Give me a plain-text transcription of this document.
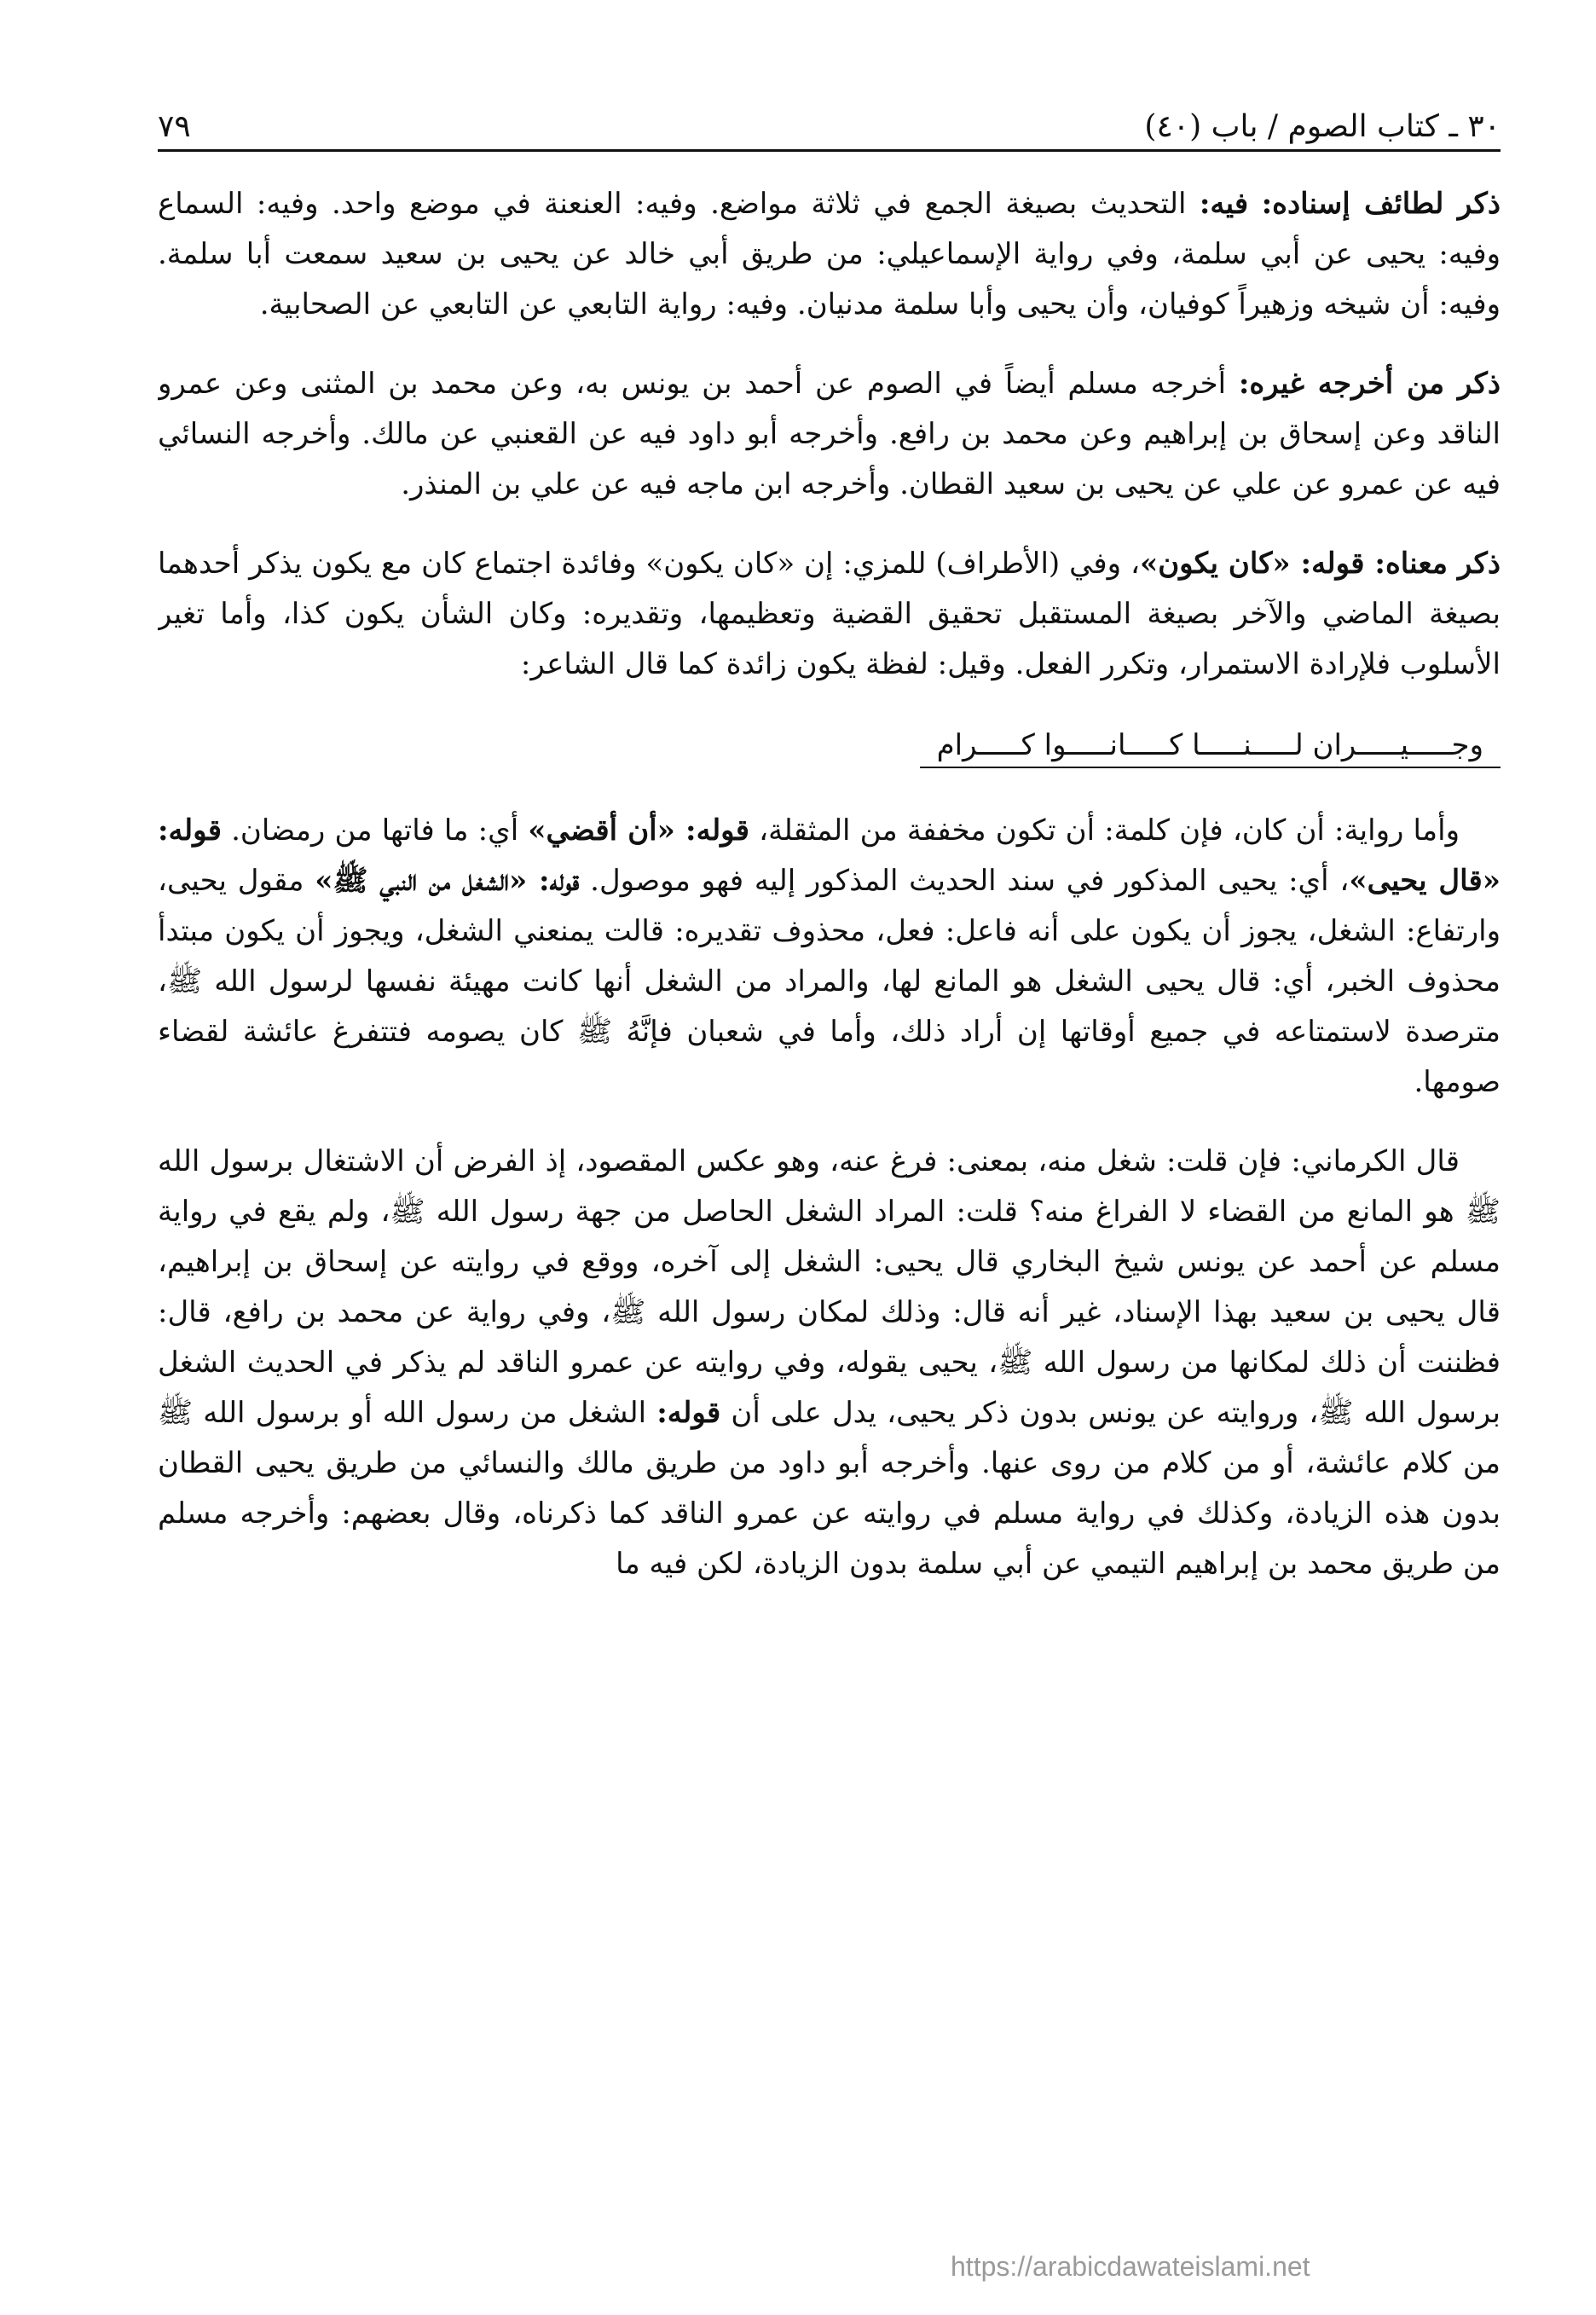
٣٠ ـ كتاب الصوم / باب (٤٠)
٧٩

ذكر لطائف إسناده: فيه: التحديث بصيغة الجمع في ثلاثة مواضع. وفيه: العنعنة في موضع واحد. وفيه: السماع وفيه: يحيى عن أبي سلمة، وفي رواية الإسماعيلي: من طريق أبي خالد عن يحيى بن سعيد سمعت أبا سلمة. وفيه: أن شيخه وزهيراً كوفيان، وأن يحيى وأبا سلمة مدنيان. وفيه: رواية التابعي عن التابعي عن الصحابية.

ذكر من أخرجه غيره: أخرجه مسلم أيضاً في الصوم عن أحمد بن يونس به، وعن محمد بن المثنى وعن عمرو الناقد وعن إسحاق بن إبراهيم وعن محمد بن رافع. وأخرجه أبو داود فيه عن القعنبي عن مالك. وأخرجه النسائي فيه عن عمرو عن علي عن يحيى بن سعيد القطان. وأخرجه ابن ماجه فيه عن علي بن المنذر.

ذكر معناه: قوله: «كان يكون»، وفي (الأطراف) للمزي: إن «كان يكون» وفائدة اجتماع كان مع يكون يذكر أحدهما بصيغة الماضي والآخر بصيغة المستقبل تحقيق القضية وتعظيمها، وتقديره: وكان الشأن يكون كذا، وأما تغير الأسلوب فلإرادة الاستمرار، وتكرر الفعل. وقيل: لفظة يكون زائدة كما قال الشاعر:

وجـــــيـــــران لـــــنـــــا كـــــانـــــوا كـــــرام

وأما رواية: أن كان، فإن كلمة: أن تكون مخففة من المثقلة، قوله: «أن أقضي» أي: ما فاتها من رمضان. قوله: «قال يحيى»، أي: يحيى المذكور في سند الحديث المذكور إليه فهو موصول. قوله: «الشغل من النبي ﷺ» مقول يحيى، وارتفاع: الشغل، يجوز أن يكون على أنه فاعل: فعل، محذوف تقديره: قالت يمنعني الشغل، ويجوز أن يكون مبتدأ محذوف الخبر، أي: قال يحيى الشغل هو المانع لها، والمراد من الشغل أنها كانت مهيئة نفسها لرسول الله ﷺ، مترصدة لاستمتاعه في جميع أوقاتها إن أراد ذلك، وأما في شعبان فإنَّهُ ﷺ كان يصومه فتتفرغ عائشة لقضاء صومها.

قال الكرماني: فإن قلت: شغل منه، بمعنى: فرغ عنه، وهو عكس المقصود، إذ الفرض أن الاشتغال برسول الله ﷺ هو المانع من القضاء لا الفراغ منه؟ قلت: المراد الشغل الحاصل من جهة رسول الله ﷺ، ولم يقع في رواية مسلم عن أحمد عن يونس شيخ البخاري قال يحيى: الشغل إلى آخره، ووقع في روايته عن إسحاق بن إبراهيم، قال يحيى بن سعيد بهذا الإسناد، غير أنه قال: وذلك لمكان رسول الله ﷺ، وفي رواية عن محمد بن رافع، قال: فظننت أن ذلك لمكانها من رسول الله ﷺ، يحيى يقوله، وفي روايته عن عمرو الناقد لم يذكر في الحديث الشغل برسول الله ﷺ، وروايته عن يونس بدون ذكر يحيى، يدل على أن قوله: الشغل من رسول الله أو برسول الله ﷺ من كلام عائشة، أو من كلام من روى عنها. وأخرجه أبو داود من طريق مالك والنسائي من طريق يحيى القطان بدون هذه الزيادة، وكذلك في رواية مسلم في روايته عن عمرو الناقد كما ذكرناه، وقال بعضهم: وأخرجه مسلم من طريق محمد بن إبراهيم التيمي عن أبي سلمة بدون الزيادة، لكن فيه ما

https://arabicdawateislami.net
